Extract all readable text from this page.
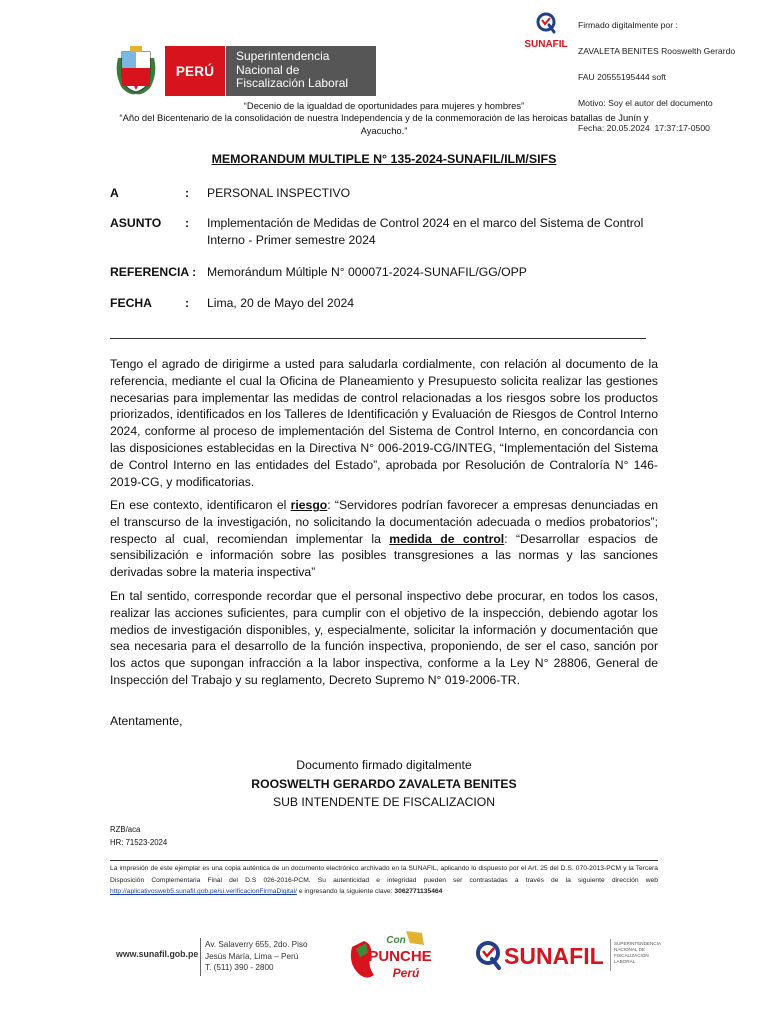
SUNAFIL

Firmado digitalmente por :

ZAVALETA BENITES Rooswelth Gerardo

FAU 20555195444 soft

Motivo: Soy el autor del documento

Fecha: 20.05.2024  17:37:17-0500

PERÚ
Superintendencia
Nacional de
Fiscalización Laboral
“Decenio de la igualdad de oportunidades para mujeres y hombres”
“Año del Bicentenario de la consolidación de nuestra Independencia y de la conmemoración de las heroicas batallas de Junín y Ayacucho.”
MEMORANDUM MULTIPLE N° 135-2024-SUNAFIL/ILM/SIFS
A	: PERSONAL INSPECTIVO
ASUNTO : Implementación de Medidas de Control 2024 en el marco del Sistema de Control Interno - Primer semestre 2024
REFERENCIA : Memorándum Múltiple N° 000071-2024-SUNAFIL/GG/OPP
FECHA	: Lima, 20 de Mayo del 2024
Tengo el agrado de dirigirme a usted para saludarla cordialmente, con relación al documento de la referencia, mediante el cual la Oficina de Planeamiento y Presupuesto solicita realizar las gestiones necesarias para implementar las medidas de control relacionadas a los riesgos sobre los productos priorizados, identificados en los Talleres de Identificación y Evaluación de Riesgos de Control Interno 2024, conforme al proceso de implementación del Sistema de Control Interno, en concordancia con las disposiciones establecidas en la Directiva N° 006-2019-CG/INTEG, “Implementación del Sistema de Control Interno en las entidades del Estado”, aprobada por Resolución de Contraloría N° 146-2019-CG, y modificatorias.
En ese contexto, identificaron el riesgo: “Servidores podrían favorecer a empresas denunciadas en el transcurso de la investigación, no solicitando la documentación adecuada o medios probatorios”; respecto al cual, recomiendan implementar la medida de control: “Desarrollar espacios de sensibilización e información sobre las posibles transgresiones a las normas y las sanciones derivadas sobre la materia inspectiva”
En tal sentido, corresponde recordar que el personal inspectivo debe procurar, en todos los casos, realizar las acciones suficientes, para cumplir con el objetivo de la inspección, debiendo agotar los medios de investigación disponibles, y, especialmente, solicitar la información y documentación que sea necesaria para el desarrollo de la función inspectiva, proponiendo, de ser el caso, sanción por los actos que supongan infracción a la labor inspectiva, conforme a la Ley N° 28806, General de Inspección del Trabajo y su reglamento, Decreto Supremo N° 019-2006-TR.
Atentamente,
Documento firmado digitalmente
ROOSWELTH GERARDO ZAVALETA BENITES
SUB INTENDENTE DE FISCALIZACION
RZB/aca
HR: 71523-2024
La impresión de este ejemplar es una copia auténtica de un documento electrónico archivado en la SUNAFIL, aplicando lo dispuesto por el Art. 25 del D.S. 070-2013-PCM y la Tercera Disposición Complementaria Final del D.S 026-2016-PCM. Su autenticidad e integridad pueden ser contrastadas a través de la siguiente dirección web http://aplicativosweb5.sunafil.gob.pe/si.verificacionFirmaDigital/ e ingresando la siguiente clave: 3062771135464
www.sunafil.gob.pe
Av. Salaverry 655, 2do. Piso
Jesús María, Lima – Perú
T. (511) 390 - 2800
Con
PUNCHE
Perú
SUNAFIL SUPERINTENDENCIA
NACIONAL DE
FISCALIZACIÓN
LABORAL
